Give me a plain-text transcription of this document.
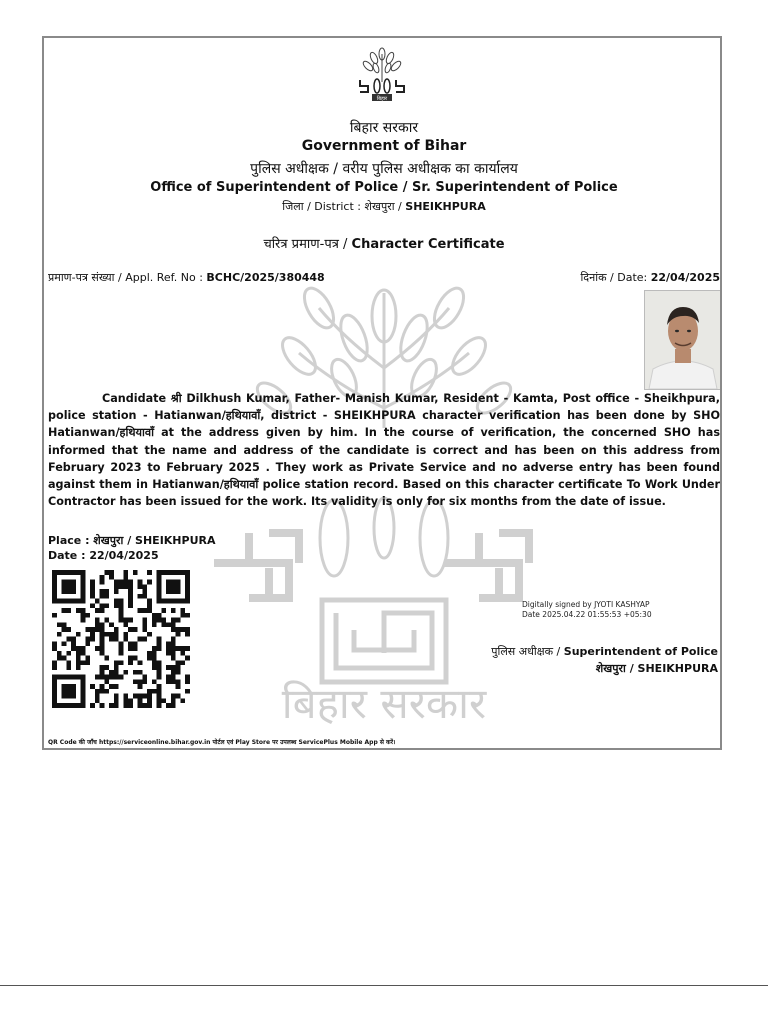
बिहार सरकार
बिहार
बिहार सरकार
Government of Bihar
पुलिस अधीक्षक / वरीय पुलिस अधीक्षक का कार्यालय
Office of Superintendent of Police / Sr. Superintendent of Police
जिला / District : शेखपुरा / SHEIKHPURA
चरित्र प्रमाण-पत्र / Character Certificate
प्रमाण-पत्र संख्या / Appl. Ref. No : BCHC/2025/380448	दिनांक / Date: 22/04/2025
Candidate श्री Dilkhush Kumar, Father- Manish Kumar, Resident - Kamta, Post office - Sheikhpura, police station - Hatianwan/हथियावाँ, district - SHEIKHPURA character verification has been done by SHO Hatianwan/हथियावाँ at the address given by him. In the course of verification, the concerned SHO has informed that the name and address of the candidate is correct and has been on this address from February 2023 to February 2025 . They work as Private Service and no adverse entry has been found against them in Hatianwan/हथियावाँ police station record. Based on this character certificate To Work Under Contractor has been issued for the work. Its validity is only for six months from the date of issue.
Place : शेखपुरा / SHEIKHPURA
Date : 22/04/2025
Digitally signed by JYOTI KASHYAP
Date 2025.04.22 01:55:53 +05:30
पुलिस अधीक्षक / Superintendent of Police
शेखपुरा / SHEIKHPURA
QR Code की जाँच https://serviceonline.bihar.gov.in पोर्टल एवं Play Store पर उपलब्ध ServicePlus Mobile App से करें।
